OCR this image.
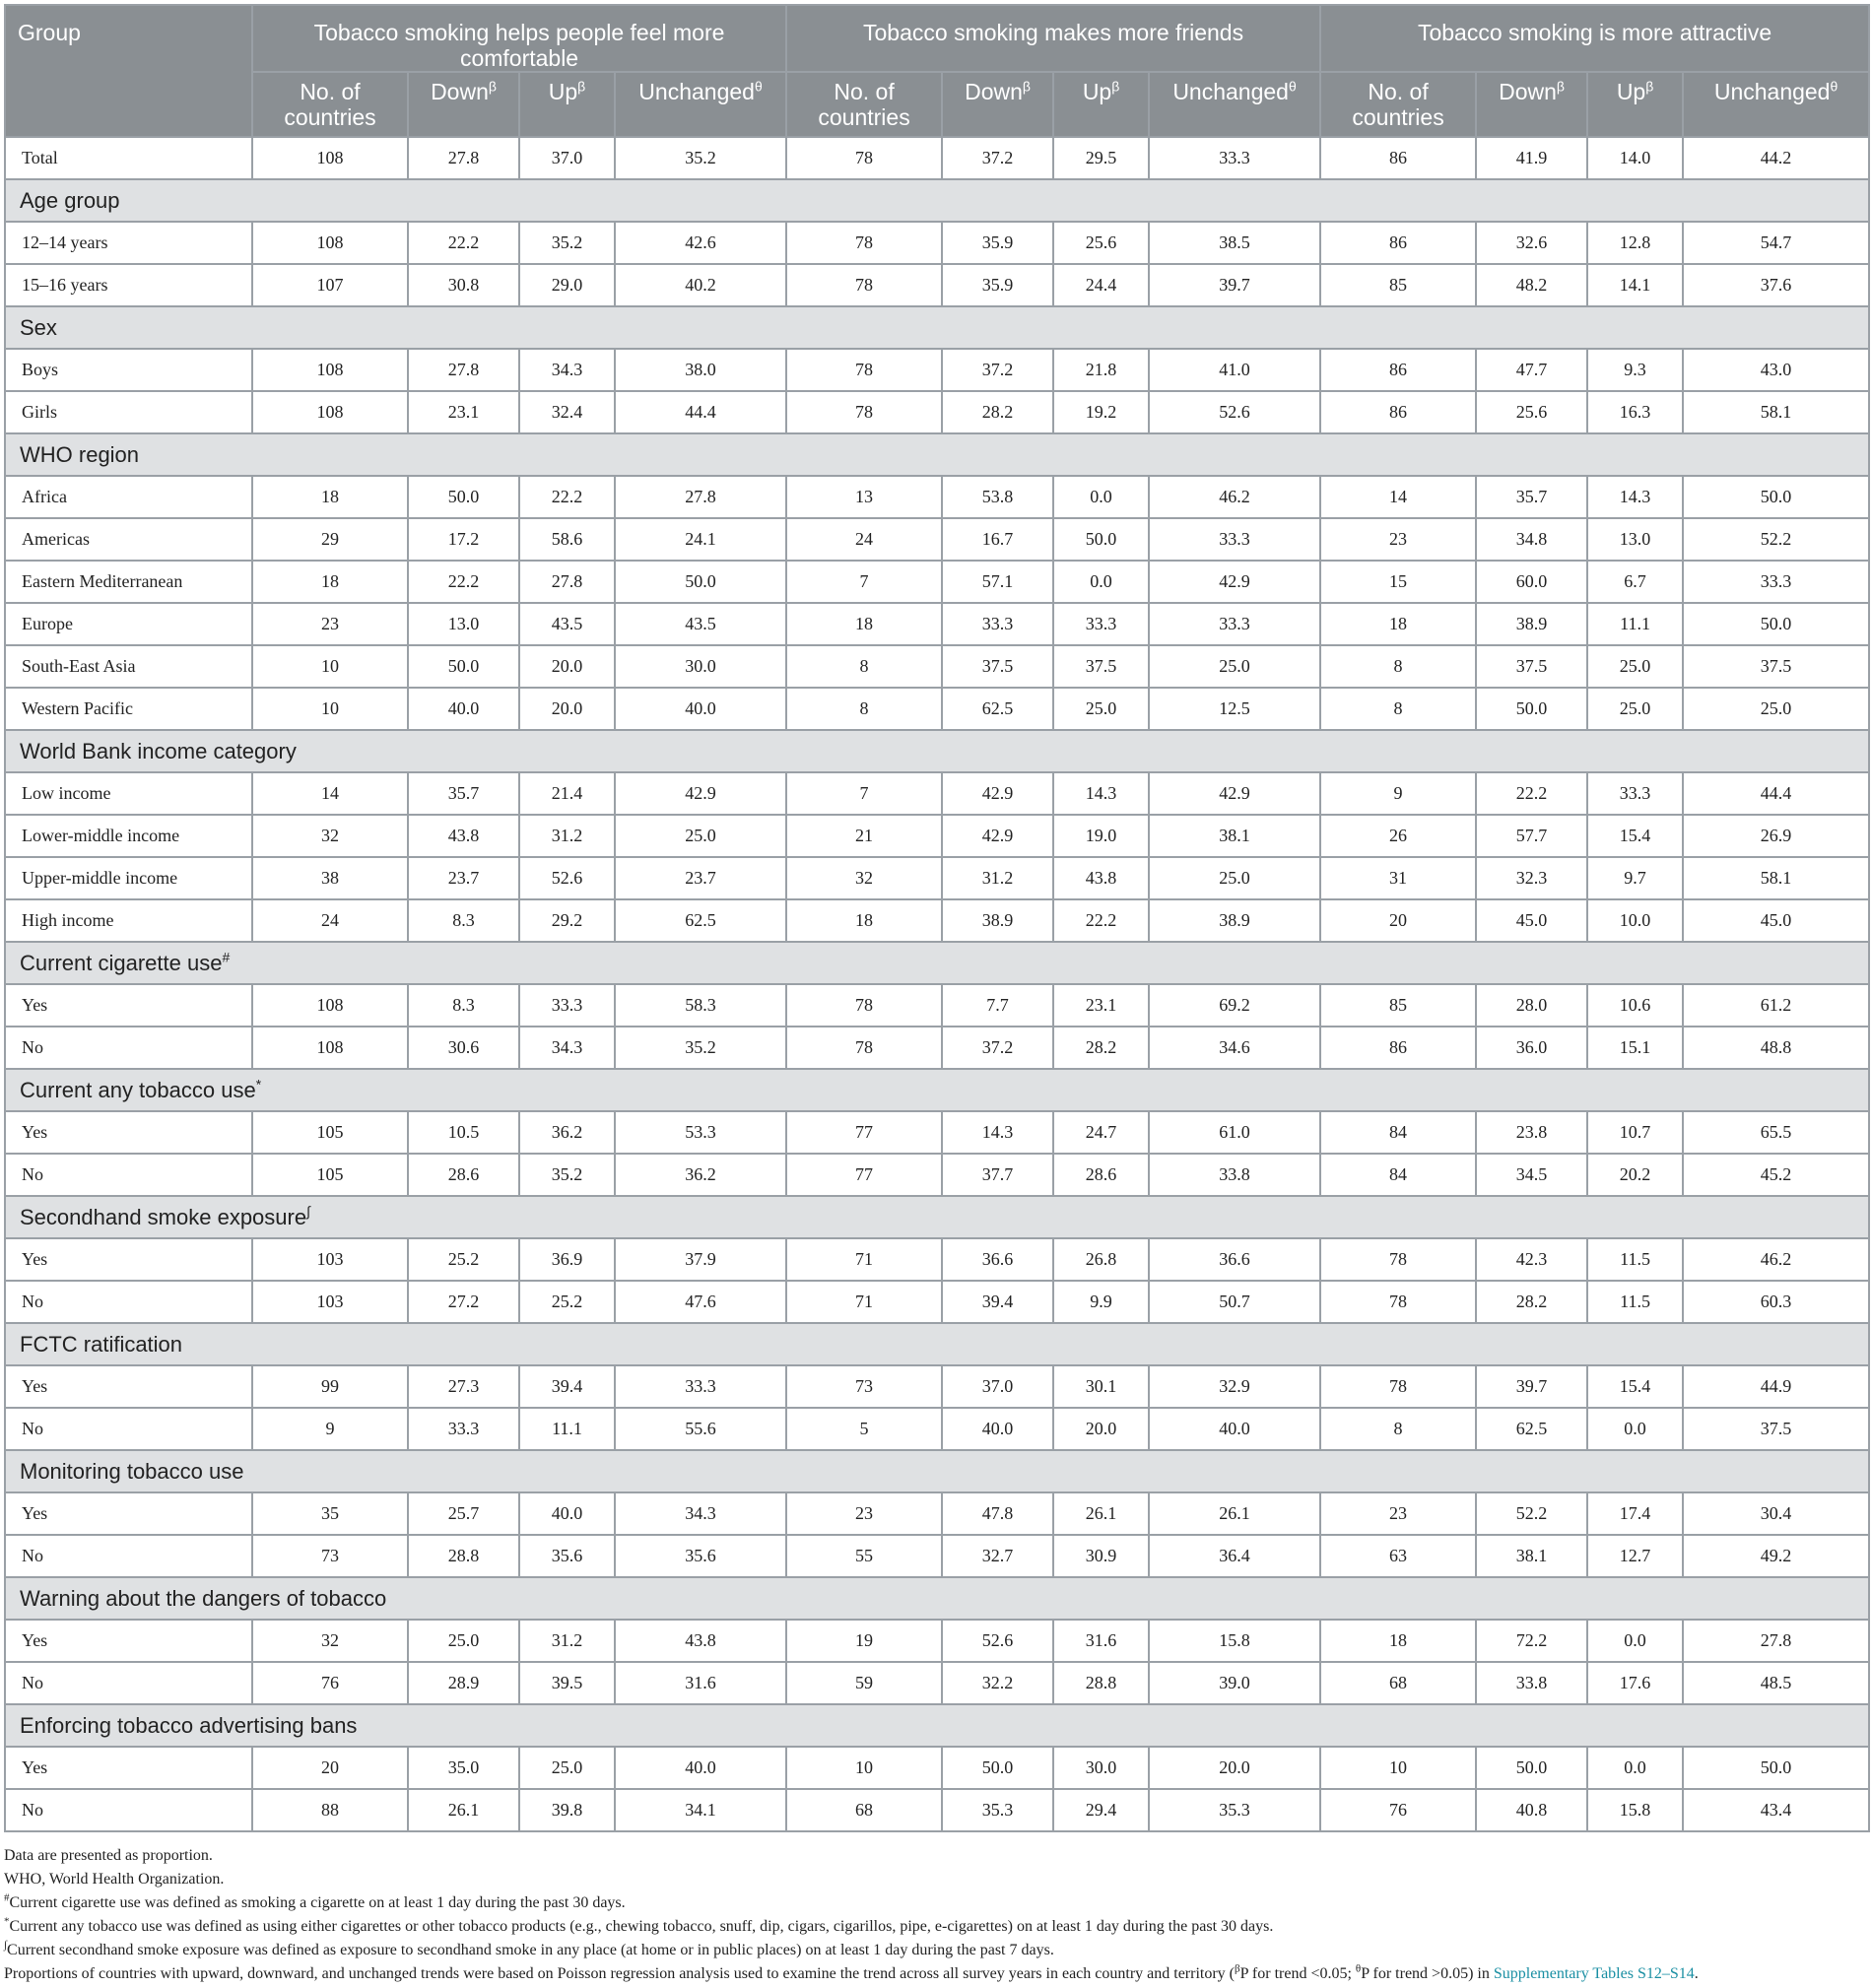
Group	Tobacco smoking helps people feel more comfortable				Tobacco smoking makes more friends				Tobacco smoking is more attractive			
	No. of countries	Down$^\beta$	$Up^\beta$	Unchanged$^\theta$	No. of countries	Down$^\beta$	$Up^\beta$	Unchanged$^\theta$	No. of countries	Down$^\beta$	$Up^\beta$	Unchanged$^\theta$
Total	108	27.8	37.0	35.2	78	37.2	29.5	33.3	86	41.9	14.0	44.2
Age group												
12–14 years	108	22.2	35.2	42.6	78	35.9	25.6	38.5	86	32.6	12.8	54.7
15–16 years	107	30.8	29.0	40.2	78	35.9	24.4	39.7	85	48.2	14.1	37.6
Sex												
Boys	108	27.8	34.3	38.0	78	37.2	21.8	41.0	86	47.7	9.3	43.0
Girls	108	23.1	32.4	44.4	78	28.2	19.2	52.6	86	25.6	16.3	58.1
WHO region												
Africa	18	50.0	22.2	27.8	13	53.8	0.0	46.2	14	35.7	14.3	50.0
Americas	29	17.2	58.6	24.1	24	16.7	50.0	33.3	23	34.8	13.0	52.2
Eastern Mediterranean	18	22.2	27.8	50.0	7	57.1	0.0	42.9	15	60.0	6.7	33.3
Europe	23	13.0	43.5	43.5	18	33.3	33.3	33.3	18	38.9	11.1	50.0
South-East Asia	10	50.0	20.0	30.0	8	37.5	37.5	25.0	8	37.5	25.0	37.5
Western Pacific	10	40.0	20.0	40.0	8	62.5	25.0	12.5	8	50.0	25.0	25.0
World Bank income category												
Low income	14	35.7	21.4	42.9	7	42.9	14.3	42.9	9	22.2	33.3	44.4
Lower-middle income	32	43.8	31.2	25.0	21	42.9	19.0	38.1	26	57.7	15.4	26.9
Upper-middle income	38	23.7	52.6	23.7	32	31.2	43.8	25.0	31	32.3	9.7	58.1
High income	24	8.3	29.2	62.5	18	38.9	22.2	38.9	20	45.0	10.0	45.0
Current cigarette use#
Yes	108	8.3	33.3	58.3	78	7.7	23.1	69.2	85	28.0	10.6	61.2
No	108	30.6	34.3	35.2	78	37.2	28.2	34.6	86	36.0	15.1	48.8
Current any tobacco use*
Yes	105	10.5	36.2	53.3	77	14.3	24.7	61.0	84	23.8	10.7	65.5
No	105	28.6	35.2	36.2	77	37.7	28.6	33.8	84	34.5	20.2	45.2
Secondhand smoke exposure∫
Yes	103	25.2	36.9	37.9	71	36.6	26.8	36.6	78	42.3	11.5	46.2
No	103	27.2	25.2	47.6	71	39.4	9.9	50.7	78	28.2	11.5	60.3
FCTC ratification												
Yes	99	27.3	39.4	33.3	73	37.0	30.1	32.9	78	39.7	15.4	44.9
No	9	33.3	11.1	55.6	5	40.0	20.0	40.0	8	62.5	0.0	37.5
Monitoring tobacco use												
Yes	35	25.7	40.0	34.3	23	47.8	26.1	26.1	23	52.2	17.4	30.4
No	73	28.8	35.6	35.6	55	32.7	30.9	36.4	63	38.1	12.7	49.2
Warning about the dangers of tobacco												
Yes	32	25.0	31.2	43.8	19	52.6	31.6	15.8	18	72.2	0.0	27.8
No	76	28.9	39.5	31.6	59	32.2	28.8	39.0	68	33.8	17.6	48.5
Enforcing tobacco advertising bans												
Yes	20	35.0	25.0	40.0	10	50.0	30.0	20.0	10	50.0	0.0	50.0
No	88	26.1	39.8	34.1	68	35.3	29.4	35.3	76	40.8	15.8	43.4
Data are presented as proportion.
WHO, World Health Organization.
#Current cigarette use was defined as smoking a cigarette on at least 1 day during the past 30 days.
*Current any tobacco use was defined as using either cigarettes or other tobacco products (e.g., chewing tobacco, snuff, dip, cigars, cigarillos, pipe, e-cigarettes) on at least 1 day during the past 30 days.
∫Current secondhand smoke exposure was defined as exposure to secondhand smoke in any place (at home or in public places) on at least 1 day during the past 7 days.
Proportions of countries with upward, downward, and unchanged trends were based on Poisson regression analysis used to examine the trend across all survey years in each country and territory ($^\beta$P for trend <0.05; $^\theta$P for trend >0.05) in Supplementary Tables S12–S14.
